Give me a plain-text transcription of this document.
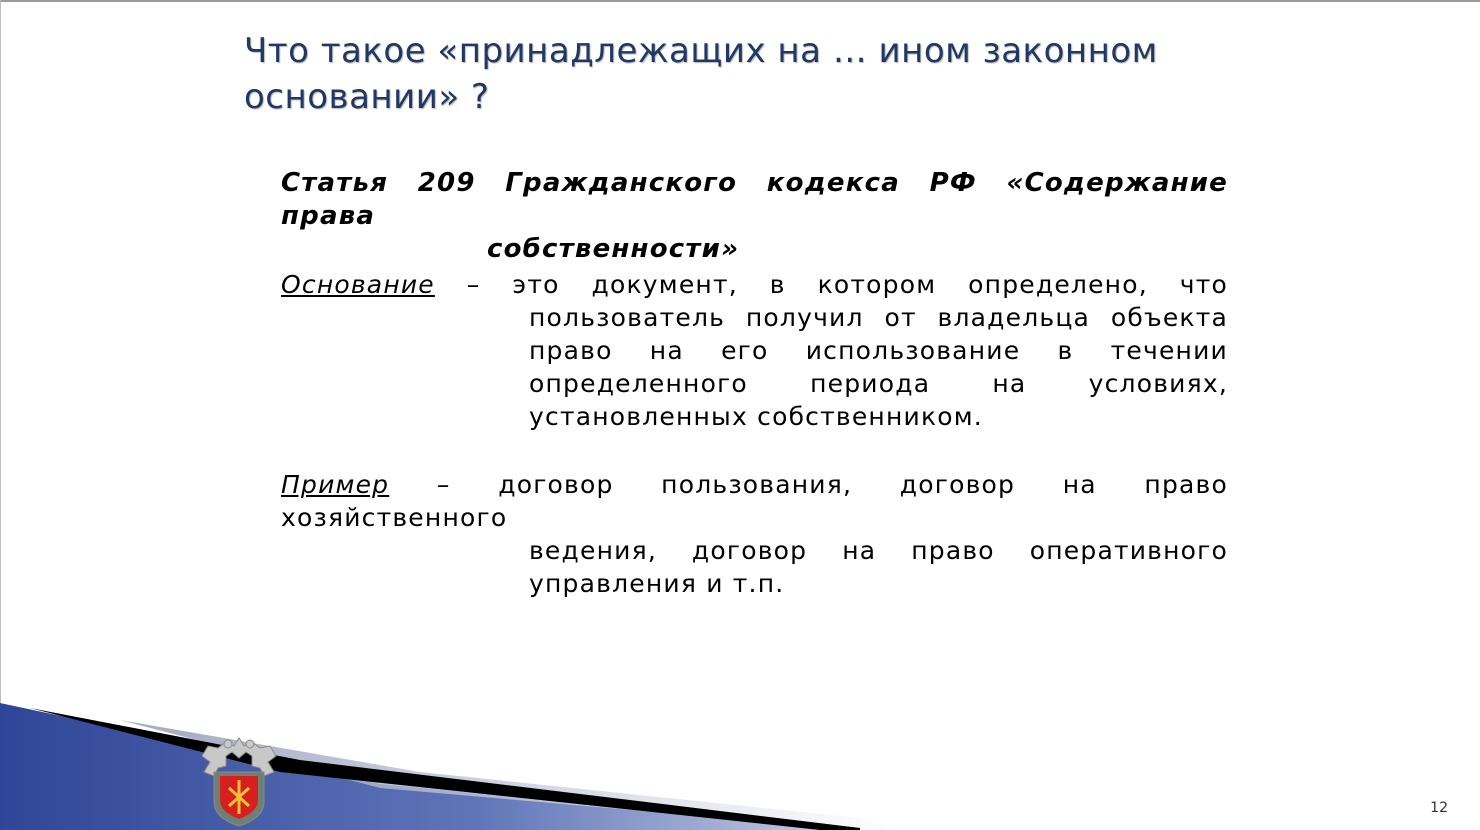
Что такое «принадлежащих на … ином законном основании» ?
Статья 209 Гражданского кодекса РФ «Содержание права
собственности»
Основание – это документ, в котором определено, что
пользователь получил от владельца объекта
право на его использование в течении
определенного периода на условиях,
установленных собственником.
Пример – договор пользования, договор на право хозяйственного
ведения, договор на право оперативного
управления и т.п.
12
